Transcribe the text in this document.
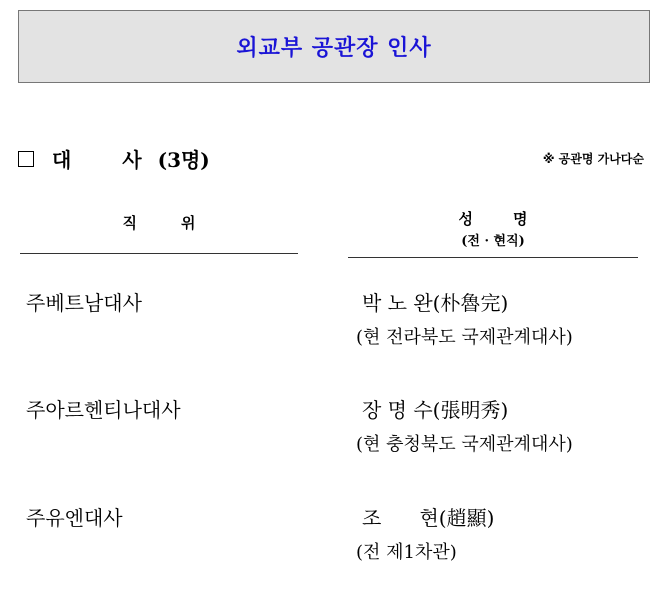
외교부 공관장 인사
대 사
(3명)	※ 공관명 가나다순
직위	성명
(전 · 현직)
주베트남대사	박 노 완(朴魯完)
(현 전라북도 국제관계대사)
주아르헨티나대사	장 명 수(張明秀)
(현 충청북도 국제관계대사)
주유엔대사	조      현(趙顯)
(전 제1차관)
